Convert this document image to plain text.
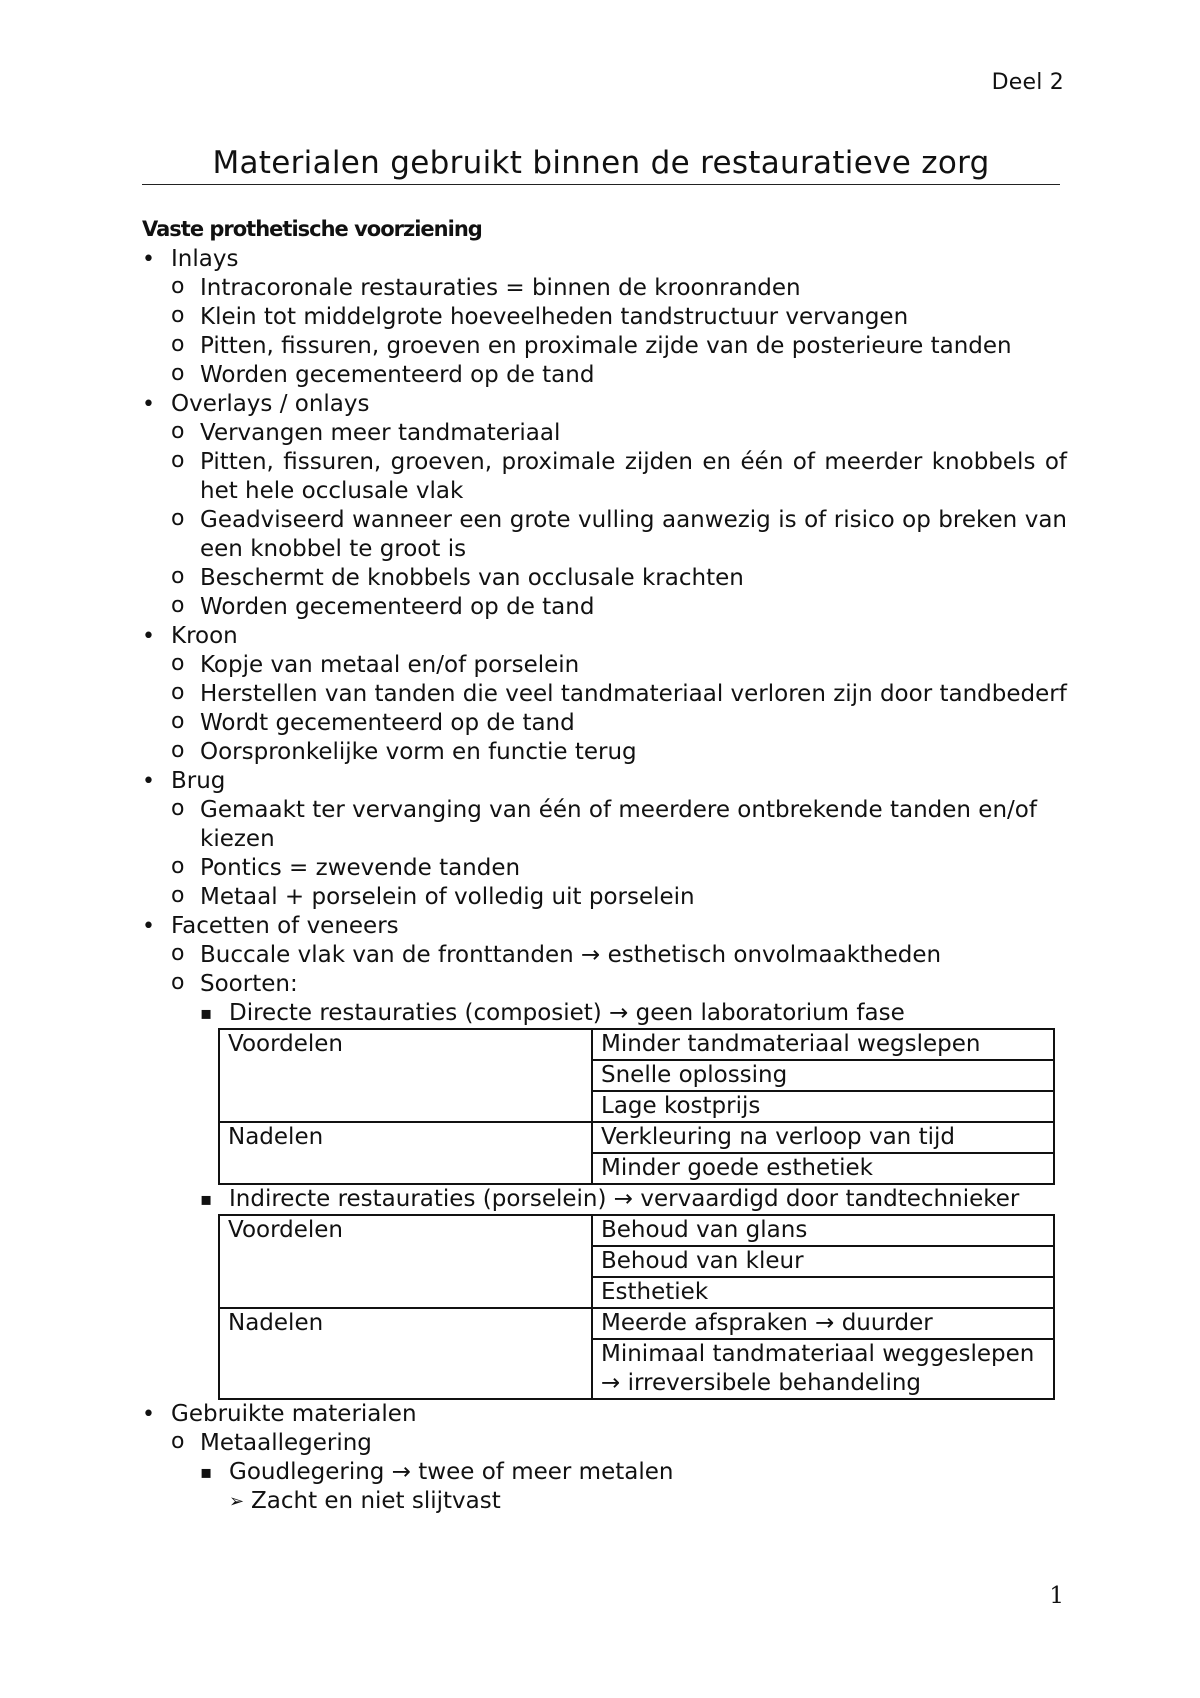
Deel 2
Materialen gebruikt binnen de restauratieve zorg
Vaste prothetische voorziening
• Inlays
o Intracoronale restauraties = binnen de kroonranden
o Klein tot middelgrote hoeveelheden tandstructuur vervangen
o Pitten, fissuren, groeven en proximale zijde van de posterieure tanden
o Worden gecementeerd op de tand
• Overlays / onlays
o Vervangen meer tandmateriaal
o Pitten, fissuren, groeven, proximale zijden en één of meerder knobbels of het hele occlusale vlak
o Geadviseerd wanneer een grote vulling aanwezig is of risico op breken van een knobbel te groot is
o Beschermt de knobbels van occlusale krachten
o Worden gecementeerd op de tand
• Kroon
o Kopje van metaal en/of porselein
o Herstellen van tanden die veel tandmateriaal verloren zijn door tandbederf
o Wordt gecementeerd op de tand
o Oorspronkelijke vorm en functie terug
• Brug
o Gemaakt ter vervanging van één of meerdere ontbrekende tanden en/of kiezen
o Pontics = zwevende tanden
o Metaal + porselein of volledig uit porselein
• Facetten of veneers
o Buccale vlak van de fronttanden → esthetisch onvolmaaktheden
o Soorten:
▪ Directe restauraties (composiet) → geen laboratorium fase
Voordelen	Minder tandmateriaal wegslepen
	Snelle oplossing
	Lage kostprijs
Nadelen	Verkleuring na verloop van tijd
	Minder goede esthetiek
▪ Indirecte restauraties (porselein) → vervaardigd door tandtechnieker
Voordelen	Behoud van glans
	Behoud van kleur
	Esthetiek
Nadelen	Meerde afspraken → duurder

	Minimaal tandmateriaal weggeslepen
→ irreversibele behandeling
• Gebruikte materialen
o Metaallegering
▪ Goudlegering → twee of meer metalen
➢ Zacht en niet slijtvast
1
